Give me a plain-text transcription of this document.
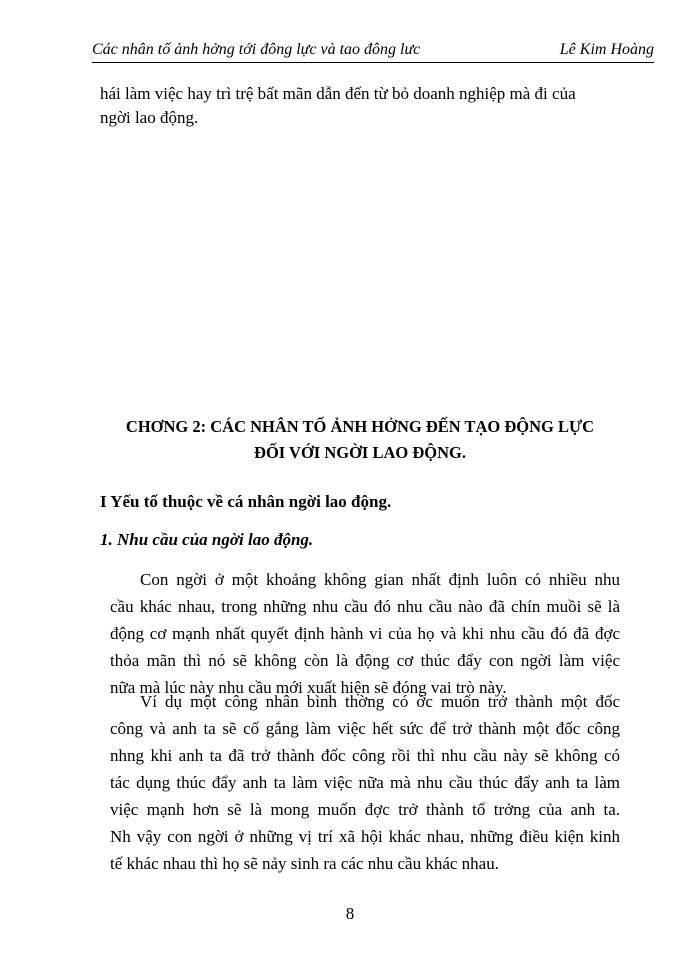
Các nhân tố ảnh hởng tới đông lực và tao đông lưc	Lê Kim Hoàng
hái làm việc hay trì trệ bất mãn dẫn đến từ bỏ doanh nghiệp mà đi của
ngời lao động.
CHƠNG 2: CÁC NHÂN TỐ ẢNH HỞNG ĐẾN TẠO ĐỘNG LỰC
ĐỐI VỚI NGỜI LAO ĐỘNG.
I Yếu tố thuộc về cá nhân ngời lao động.
1. Nhu cầu của ngời lao động.
Con ngời ở một khoảng không gian nhất định luôn có nhiều nhu
cầu khác nhau, trong những nhu cầu đó nhu cầu nào đã chín muồi sẽ là
động cơ mạnh nhất quyết định hành vi của họ và khi nhu cầu đó đã đợc
thỏa mãn thì nó sẽ không còn là động cơ thúc đẩy con ngời làm việc
nữa mà lúc này nhu cầu mới xuất hiện sẽ đóng vai trò này.
Ví dụ một công nhân bình thờng có ớc muốn trở thành một đốc
công và anh ta sẽ cố gắng làm việc hết sức để trở thành một đốc công
nhng khi anh ta đã trở thành đốc công rồi thì nhu cầu này sẽ không có
tác dụng thúc đẩy anh ta làm việc nữa mà nhu cầu thúc đẩy anh ta làm
việc mạnh hơn sẽ là mong muốn đợc trở thành tổ trởng của anh ta.
Nh vậy con ngời ở những vị trí xã hội khác nhau, những điều kiện kinh
tế khác nhau thì họ sẽ nảy sinh ra các nhu cầu khác nhau.
8
